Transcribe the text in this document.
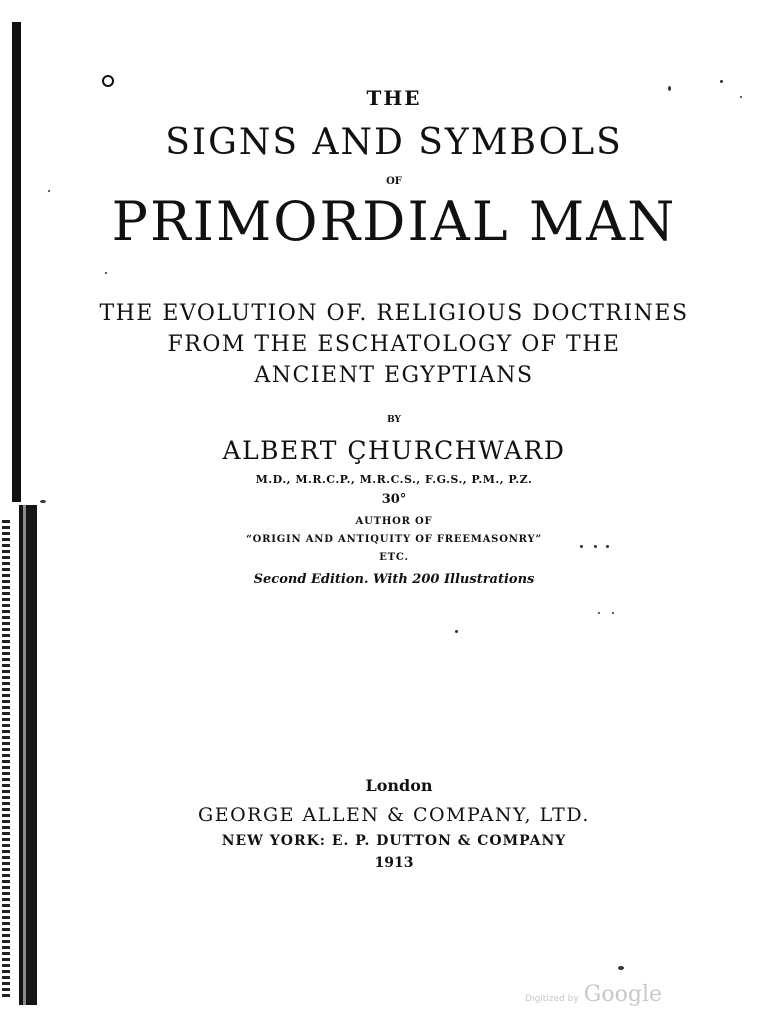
THE
SIGNS AND SYMBOLS
OF
PRIMORDIAL MAN
THE EVOLUTION OF. RELIGIOUS DOCTRINES
FROM THE ESCHATOLOGY OF THE
ANCIENT EGYPTIANS
BY
ALBERT ÇHURCHWARD
M.D., M.R.C.P., M.R.C.S., F.G.S., P.M., P.Z.
30°
AUTHOR OF
“ORIGIN AND ANTIQUITY OF FREEMASONRY”
ETC.
Second Edition. With 200 Illustrations
London
GEORGE ALLEN & COMPANY, LTD.
NEW YORK: E. P. DUTTON & COMPANY
1913
Digitized by Google
